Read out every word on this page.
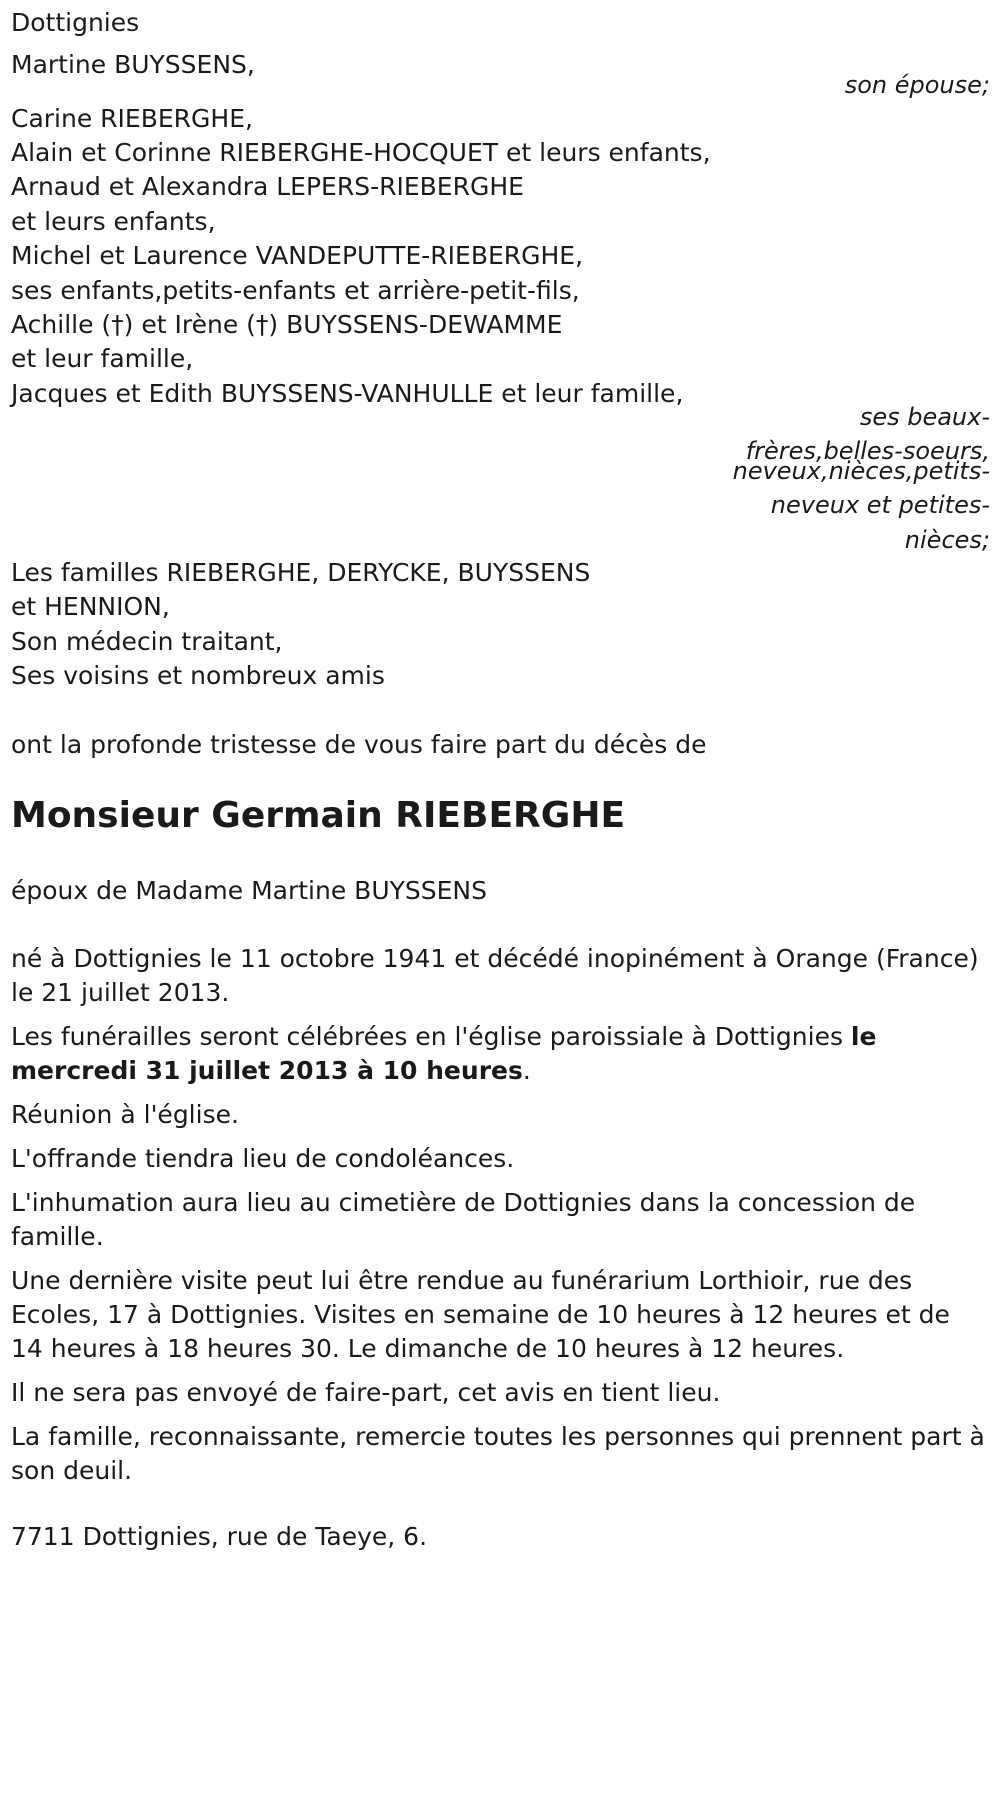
Dottignies
Martine BUYSSENS,
son épouse;
Carine RIEBERGHE,
Alain et Corinne RIEBERGHE-HOCQUET et leurs enfants,
Arnaud et Alexandra LEPERS-RIEBERGHE
et leurs enfants,
Michel et Laurence VANDEPUTTE-RIEBERGHE,
ses enfants,petits-enfants et arrière-petit-fils,
Achille (†) et Irène (†) BUYSSENS-DEWAMME
et leur famille,
Jacques et Edith BUYSSENS-VANHULLE et leur famille,
ses beaux-
frères,belles-soeurs,
neveux,nièces,petits-
neveux et petites-
nièces;
Les familles RIEBERGHE, DERYCKE, BUYSSENS
et HENNION,
Son médecin traitant,
Ses voisins et nombreux amis
ont la profonde tristesse de vous faire part du décès de
Monsieur Germain RIEBERGHE
époux de Madame Martine BUYSSENS
né à Dottignies le 11 octobre 1941 et décédé inopinément à Orange (France) le 21 juillet 2013.
Les funérailles seront célébrées en l'église paroissiale à Dottignies le mercredi 31 juillet 2013 à 10 heures.
Réunion à l'église.
L'offrande tiendra lieu de condoléances.
L'inhumation aura lieu au cimetière de Dottignies dans la concession de famille.
Une dernière visite peut lui être rendue au funérarium Lorthioir, rue des Ecoles, 17 à Dottignies. Visites en semaine de 10 heures à 12 heures et de 14 heures à 18 heures 30. Le dimanche de 10 heures à 12 heures.
Il ne sera pas envoyé de faire-part, cet avis en tient lieu.
La famille, reconnaissante, remercie toutes les personnes qui prennent part à son deuil.
7711 Dottignies, rue de Taeye, 6.
